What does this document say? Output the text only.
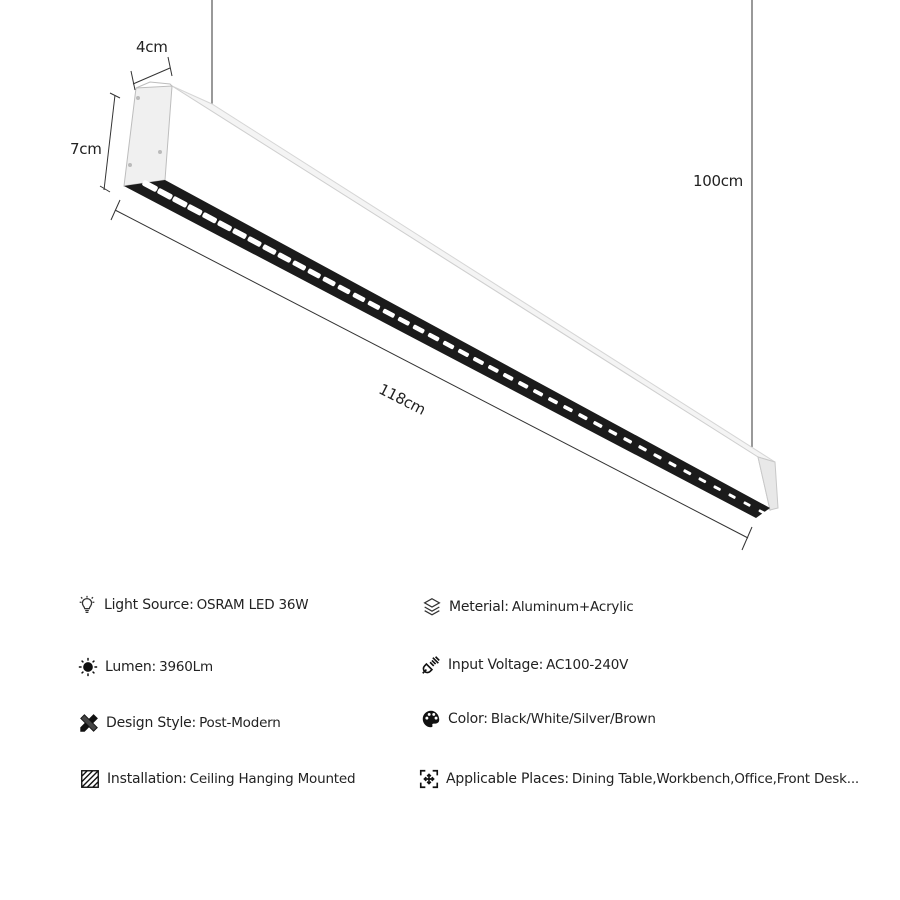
4cm
7cm
118cm
100cm
Light Source: OSRAM LED 36W	Meterial: Aluminum+Acrylic
Lumen: 3960Lm	Input Voltage: AC100-240V
Design Style: Post-Modern	Color: Black/White/Silver/Brown
Installation: Ceiling Hanging Mounted	Applicable Places: Dining Table,Workbench,Office,Front Desk...
